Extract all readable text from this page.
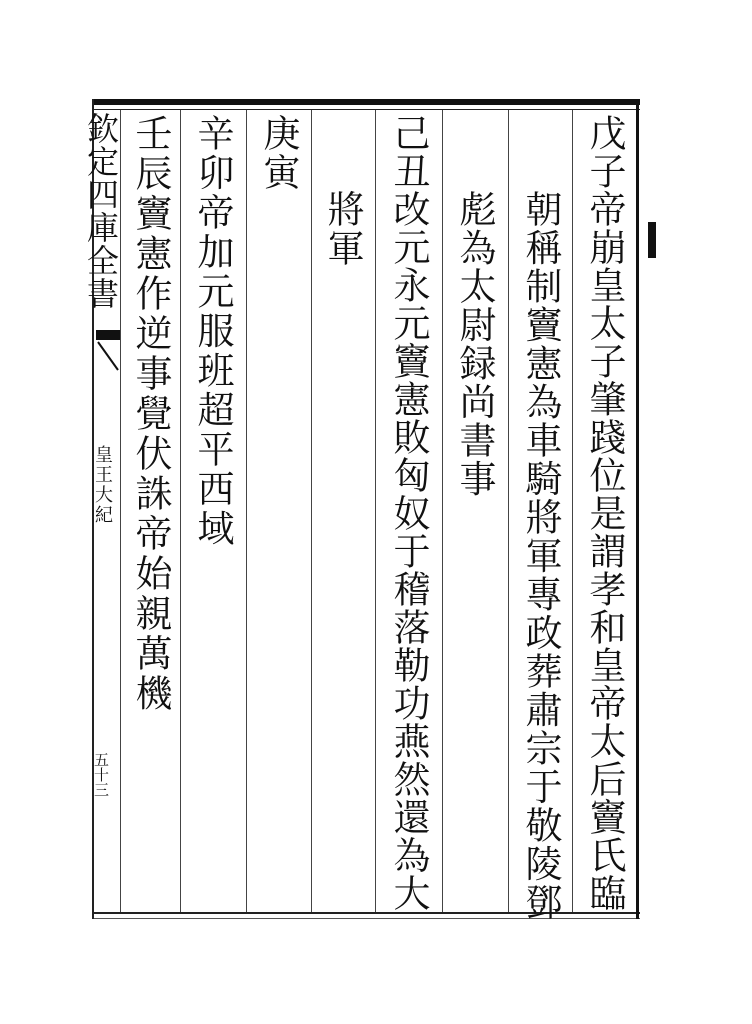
戊子帝崩皇太子肇踐位是謂孝和皇帝太后竇氏臨
朝稱制竇憲為車騎將軍專政葬肅宗于敬陵鄧
彪為太尉録尚書事
己丑改元永元竇憲敗匈奴于稽落勒功燕然還為大
將軍
庚寅
辛卯帝加元服班超平西域
壬辰竇憲作逆事覺伏誅帝始親萬機
欽定四庫全書
皇王大紀
五十三
